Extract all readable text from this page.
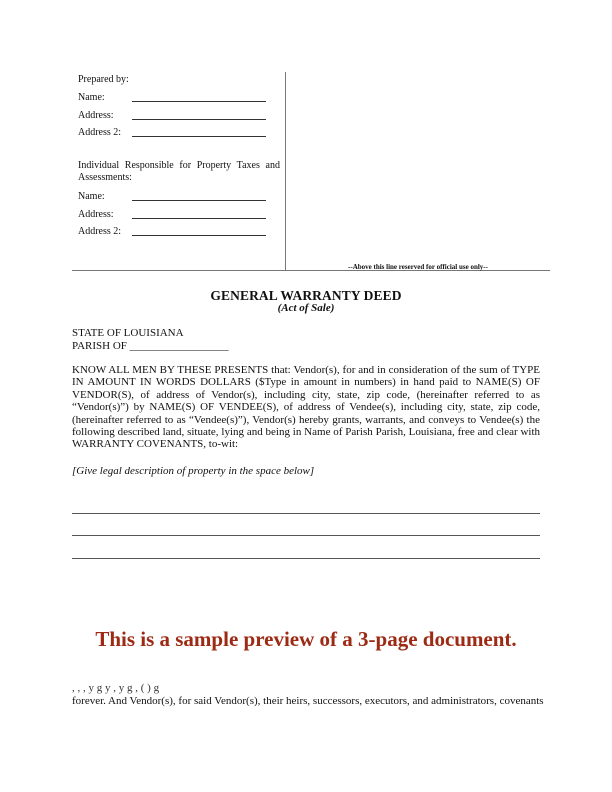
Prepared by:
Name:
Address:
Address 2:
Individual Responsible for Property Taxes and Assessments:
Name:
Address:
Address 2:
--Above this line reserved for official use only--
GENERAL WARRANTY DEED
(Act of Sale)
STATE OF LOUISIANA
PARISH OF __________________
KNOW ALL MEN BY THESE PRESENTS that: Vendor(s), for and in consideration of the sum of TYPE IN AMOUNT IN WORDS DOLLARS ($Type in amount in numbers) in hand paid to NAME(S) OF VENDOR(S), of address of Vendor(s), including city, state, zip code, (hereinafter referred to as “Vendor(s)”) by NAME(S) OF VENDEE(S), of address of Vendee(s), including city, state, zip code, (hereinafter referred to as “Vendee(s)”), Vendor(s) hereby grants, warrants, and conveys to Vendee(s) the following described land, situate, lying and being in Name of Parish Parish, Louisiana, free and clear with WARRANTY COVENANTS, to-wit:
[Give legal description of property in the space below]
This is a sample preview of a 3-page document.
, , , y g y , y g , ( ) g
forever. And Vendor(s), for said Vendor(s), their heirs, successors, executors, and administrators, covenants
